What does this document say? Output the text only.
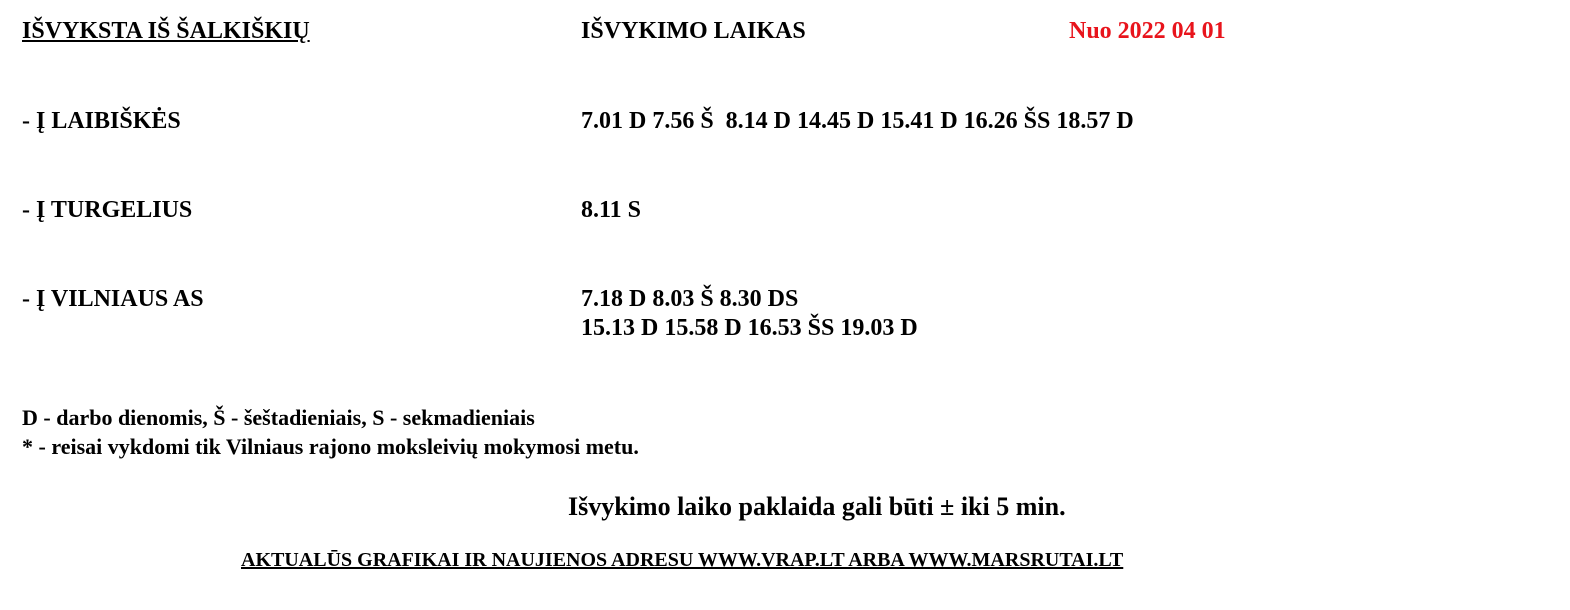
IŠVYKSTA IŠ ŠALKIŠKIŲ	IŠVYKIMO LAIKAS	Nuo 2022 04 01
- Į LAIBIŠKĖS	7.01 D 7.56 Š  8.14 D 14.45 D 15.41 D 16.26 ŠS 18.57 D
- Į TURGELIUS	8.11 S
- Į VILNIAUS AS	7.18 D 8.03 Š 8.30 DS
15.13 D 15.58 D 16.53 ŠS 19.03 D
D - darbo dienomis, Š - šeštadieniais, S - sekmadieniais
* - reisai vykdomi tik Vilniaus rajono moksleivių mokymosi metu.
Išvykimo laiko paklaida gali būti ± iki 5 min.
AKTUALŪS GRAFIKAI IR NAUJIENOS ADRESU WWW.VRAP.LT ARBA WWW.MARSRUTAI.LT
